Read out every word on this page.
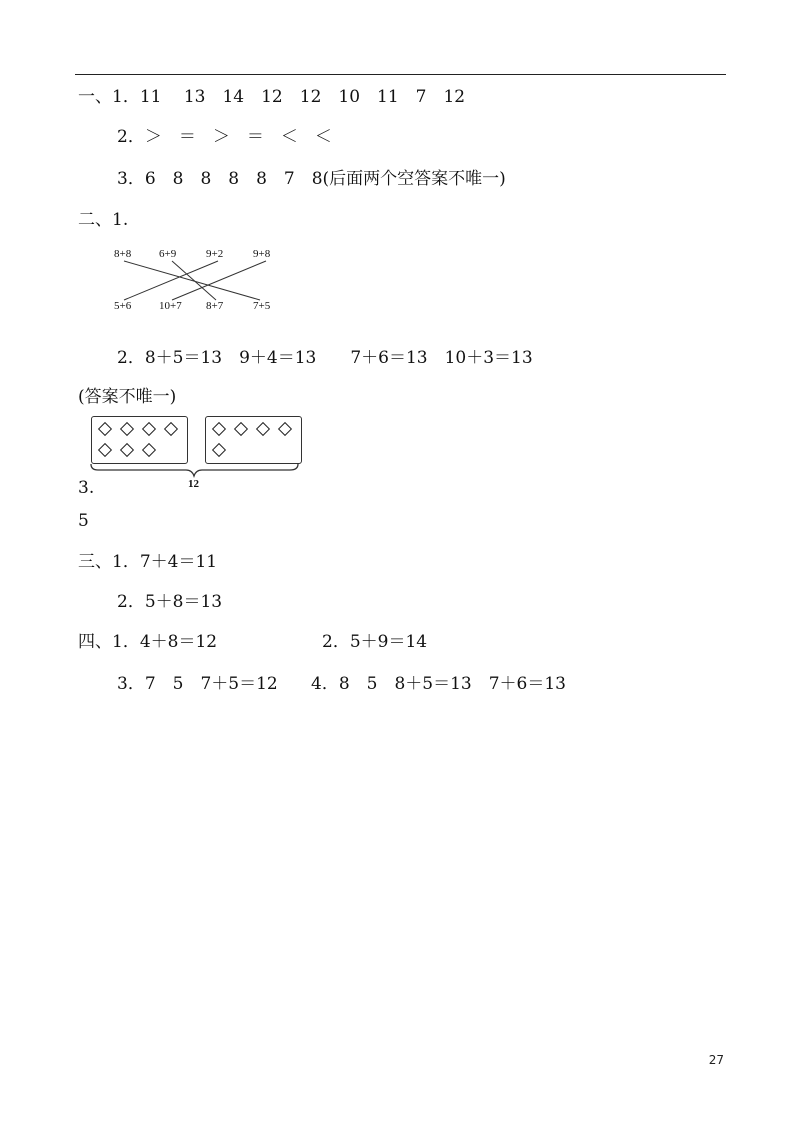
一、1．11　 13　14　12　12　10　11　7　12
2．＞　＝　＞　＝　＜　＜
3．6　8　8　8　8　7　8(后面两个空答案不唯一)
二、1.
8+8	6+9	9+2	9+8
5+6	10+7 8+7	7+5
2．8＋5＝13　9＋4＝13　　7＋6＝13　10＋3＝13
(答案不唯一)
12
3.
5
三、1．7＋4＝11
2．5＋8＝13
四、1．4＋8＝12	2．5＋9＝14
3．7　5　7＋5＝12 4．8　5　8＋5＝13　7＋6＝13
27
